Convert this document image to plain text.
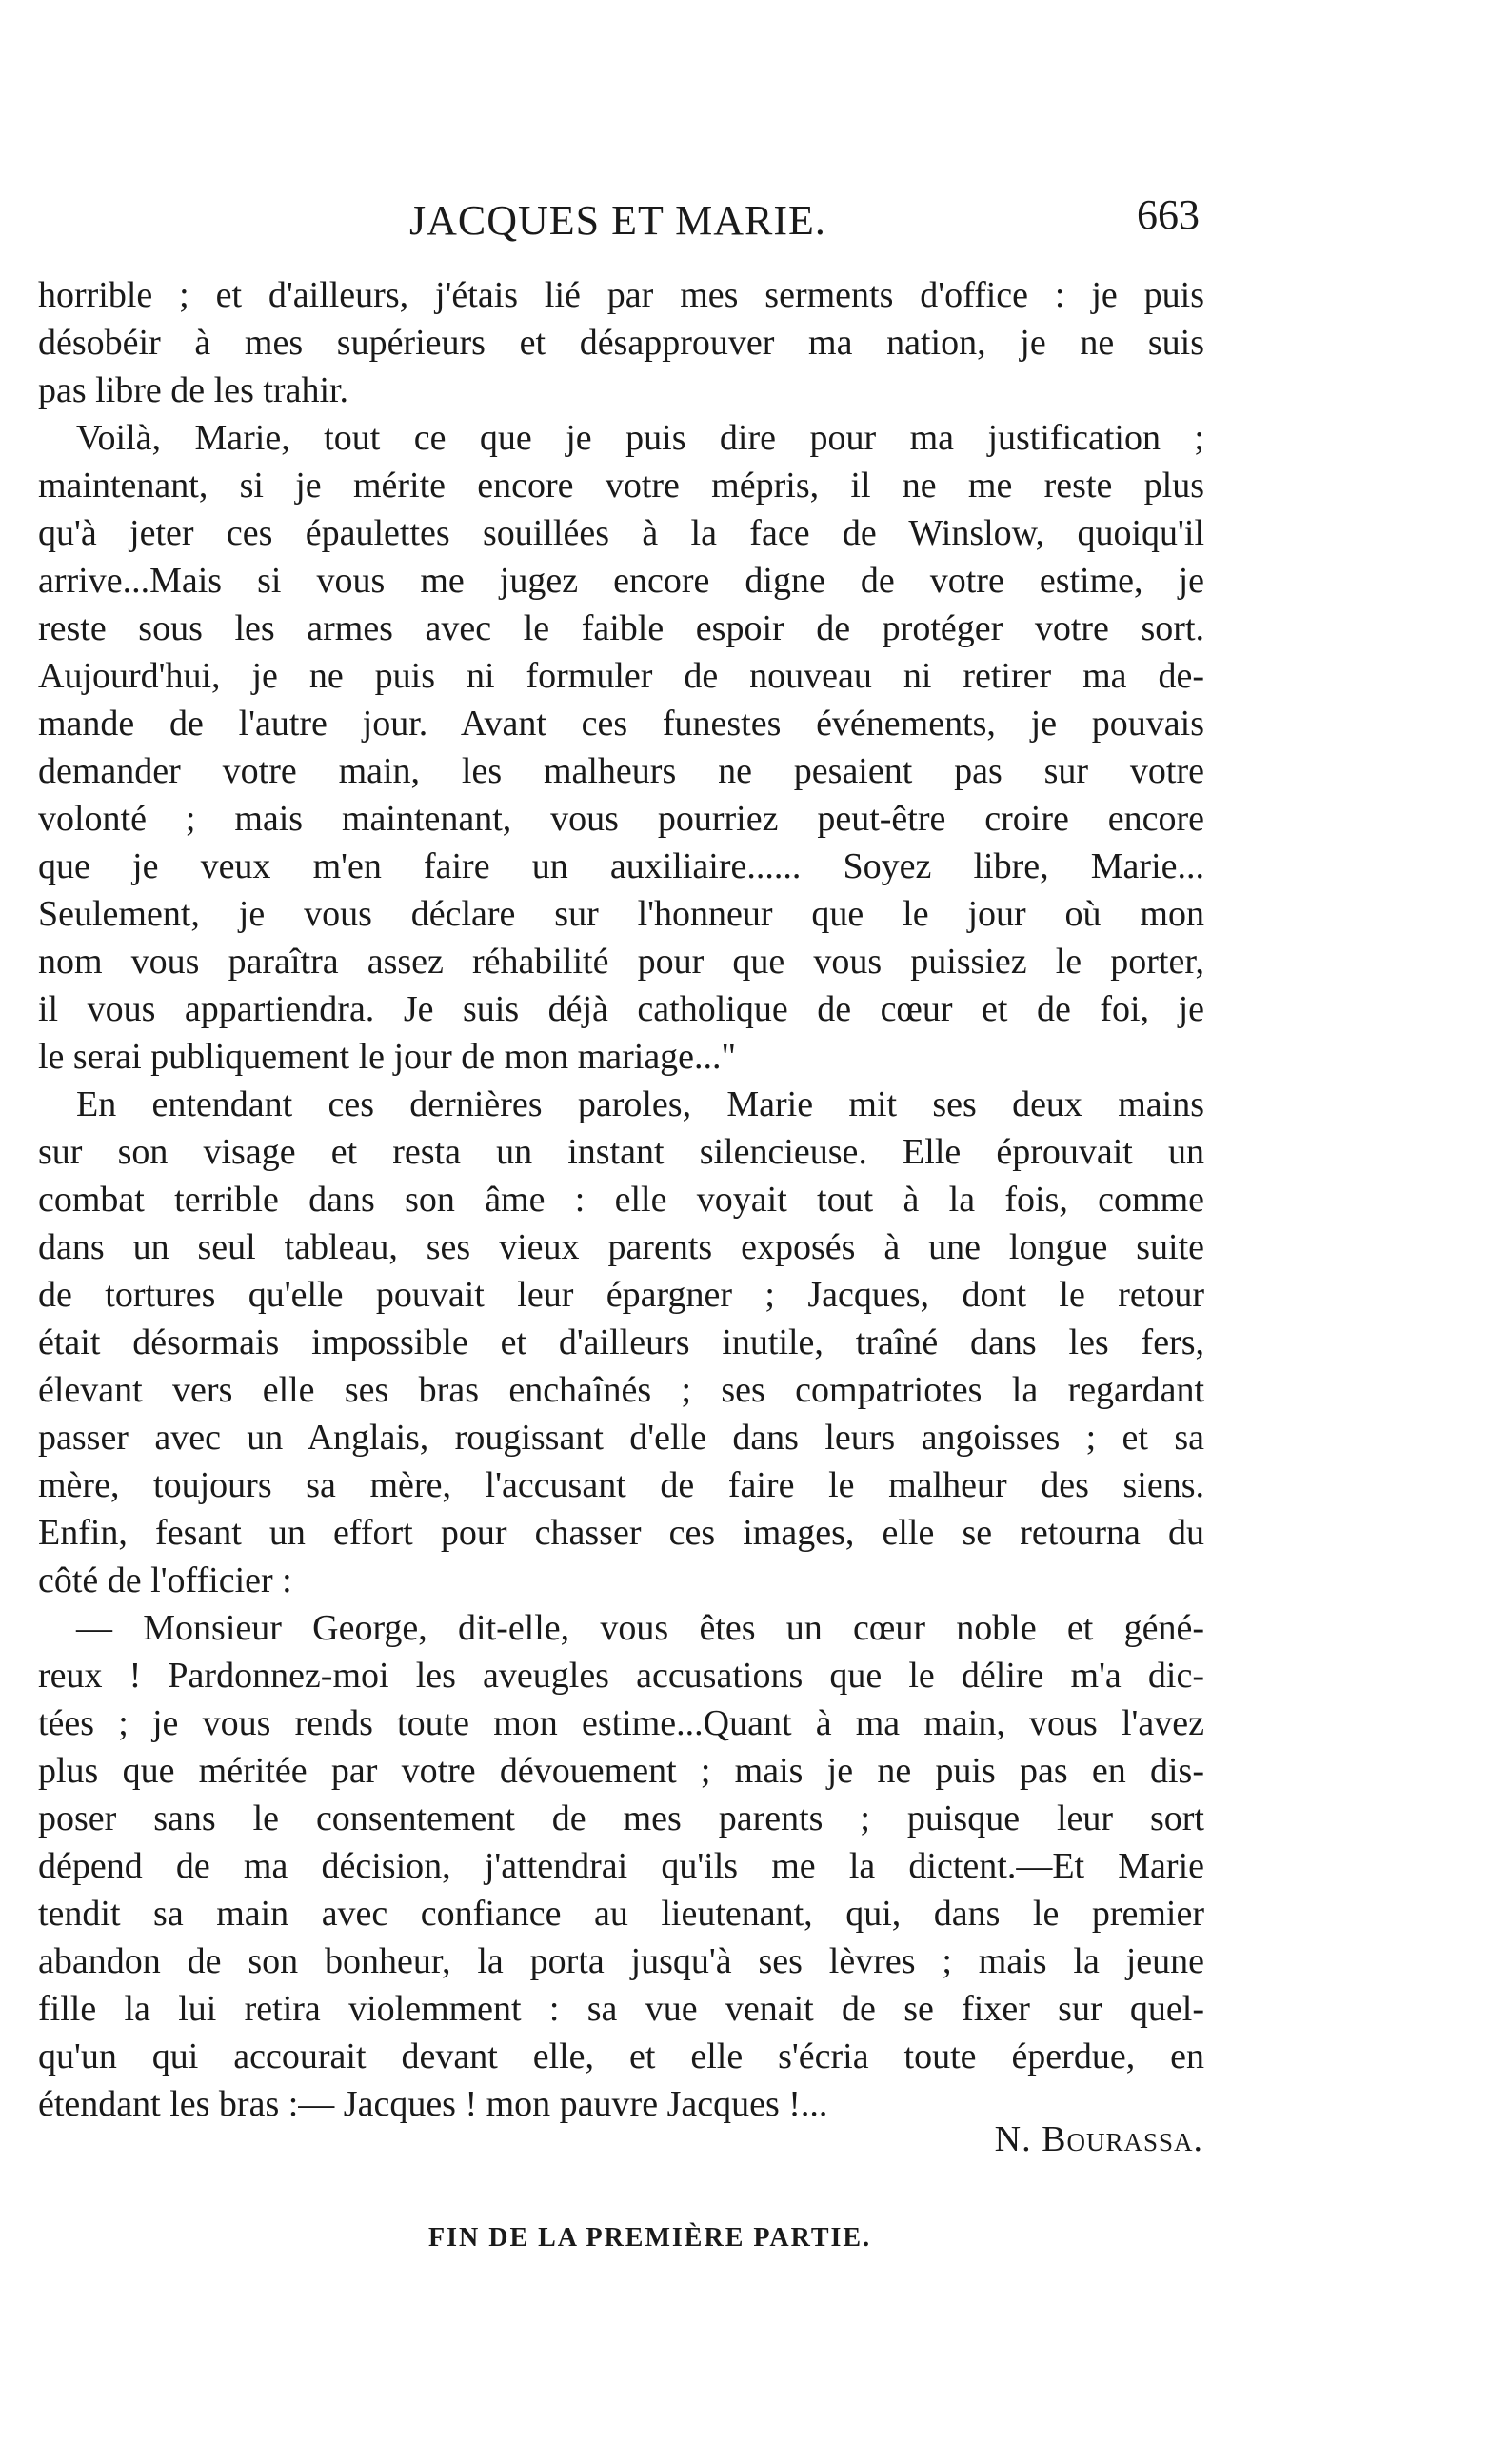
JACQUES ET MARIE.	663
horrible ; et d'ailleurs, j'étais lié par mes serments d'office : je puis
désobéir à mes supérieurs et désapprouver ma nation, je ne suis
pas libre de les trahir.
Voilà, Marie, tout ce que je puis dire pour ma justification ;
maintenant, si je mérite encore votre mépris, il ne me reste plus
qu'à jeter ces épaulettes souillées à la face de Winslow, quoiqu'il
arrive...Mais si vous me jugez encore digne de votre estime, je
reste sous les armes avec le faible espoir de protéger votre sort.
Aujourd'hui, je ne puis ni formuler de nouveau ni retirer ma de-
mande de l'autre jour. Avant ces funestes événements, je pouvais
demander votre main, les malheurs ne pesaient pas sur votre
volonté ; mais maintenant, vous pourriez peut-être croire encore
que je veux m'en faire un auxiliaire...... Soyez libre, Marie...
Seulement, je vous déclare sur l'honneur que le jour où mon
nom vous paraîtra assez réhabilité pour que vous puissiez le porter,
il vous appartiendra. Je suis déjà catholique de cœur et de foi, je
le serai publiquement le jour de mon mariage..."
En entendant ces dernières paroles, Marie mit ses deux mains
sur son visage et resta un instant silencieuse. Elle éprouvait un
combat terrible dans son âme : elle voyait tout à la fois, comme
dans un seul tableau, ses vieux parents exposés à une longue suite
de tortures qu'elle pouvait leur épargner ; Jacques, dont le retour
était désormais impossible et d'ailleurs inutile, traîné dans les fers,
élevant vers elle ses bras enchaînés ; ses compatriotes la regardant
passer avec un Anglais, rougissant d'elle dans leurs angoisses ; et sa
mère, toujours sa mère, l'accusant de faire le malheur des siens.
Enfin, fesant un effort pour chasser ces images, elle se retourna du
côté de l'officier :
— Monsieur George, dit-elle, vous êtes un cœur noble et géné-
reux ! Pardonnez-moi les aveugles accusations que le délire m'a dic-
tées ; je vous rends toute mon estime...Quant à ma main, vous l'avez
plus que méritée par votre dévouement ; mais je ne puis pas en dis-
poser sans le consentement de mes parents ; puisque leur sort
dépend de ma décision, j'attendrai qu'ils me la dictent.—Et Marie
tendit sa main avec confiance au lieutenant, qui, dans le premier
abandon de son bonheur, la porta jusqu'à ses lèvres ; mais la jeune
fille la lui retira violemment : sa vue venait de se fixer sur quel-
qu'un qui accourait devant elle, et elle s'écria toute éperdue, en
étendant les bras :— Jacques ! mon pauvre Jacques !...
N. Bourassa.
FIN DE LA PREMIÈRE PARTIE.
